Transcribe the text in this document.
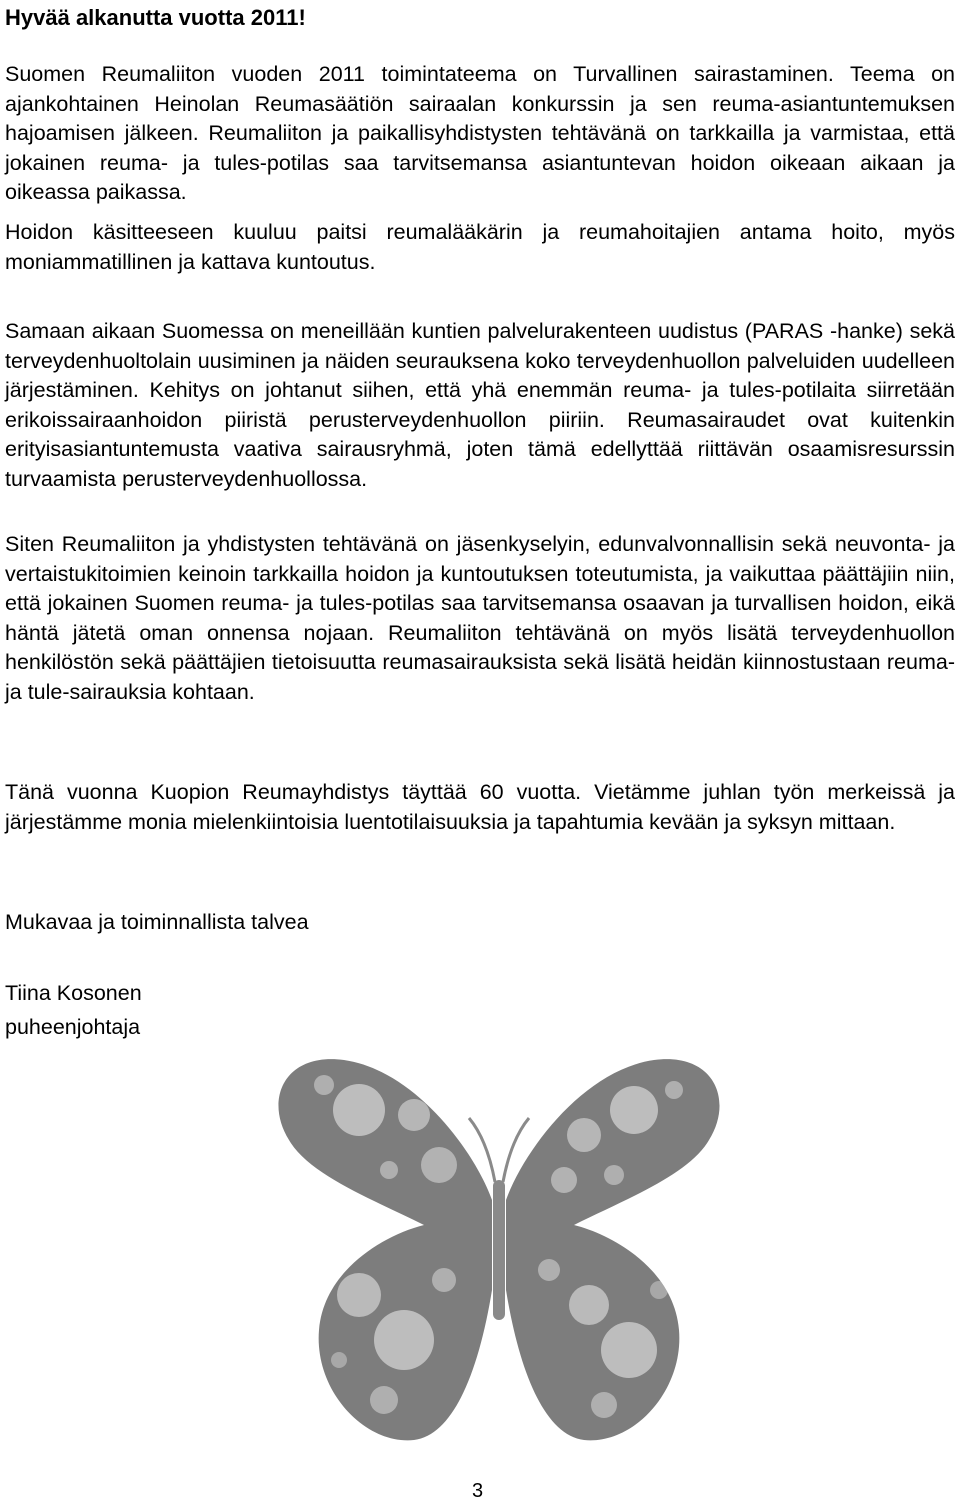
Hyvää alkanutta vuotta 2011!

Suomen Reumaliiton vuoden 2011 toimintateema on Turvallinen sairastaminen. Teema on ajankohtainen Heinolan Reumasäätiön sairaalan konkurssin ja sen reuma-asiantuntemuksen hajoamisen jälkeen. Reumaliiton ja paikallisyhdistysten tehtävänä on tarkkailla ja varmistaa, että jokainen reuma- ja tules-potilas saa tarvitsemansa asiantuntevan hoidon oikeaan aikaan ja oikeassa paikassa.

Hoidon käsitteeseen kuuluu paitsi reumalääkärin ja reumahoitajien antama hoito, myös moniammatillinen ja kattava kuntoutus.

Samaan aikaan Suomessa on meneillään kuntien palvelurakenteen uudistus (PARAS -hanke) sekä terveydenhuoltolain uusiminen ja näiden seurauksena koko terveydenhuollon palveluiden uudelleen järjestäminen. Kehitys on johtanut siihen, että yhä enemmän reuma- ja tules-potilaita siirretään erikoissairaanhoidon piiristä perusterveydenhuollon piiriin. Reumasairaudet ovat kuitenkin erityisasiantuntemusta vaativa sairausryhmä, joten tämä edellyttää riittävän osaamisresurssin turvaamista perusterveydenhuollossa.

Siten Reumaliiton ja yhdistysten tehtävänä on jäsenkyselyin, edunvalvonnallisin sekä neuvonta- ja vertaistukitoimien keinoin tarkkailla hoidon ja kuntoutuksen toteutumista, ja vaikuttaa päättäjiin niin, että jokainen Suomen reuma- ja tules-potilas saa tarvitsemansa osaavan ja turvallisen hoidon, eikä häntä jätetä oman onnensa nojaan. Reumaliiton tehtävänä on myös lisätä terveydenhuollon henkilöstön sekä päättäjien tietoisuutta reumasairauksista sekä lisätä heidän kiinnostustaan reuma- ja tule-sairauksia kohtaan.

Tänä vuonna Kuopion Reumayhdistys täyttää 60 vuotta. Vietämme juhlan työn merkeissä ja järjestämme monia mielenkiintoisia luentotilaisuuksia ja tapahtumia kevään ja syksyn mittaan.

Mukavaa ja toiminnallista talvea

Tiina Kosonen
puheenjohtaja
3
